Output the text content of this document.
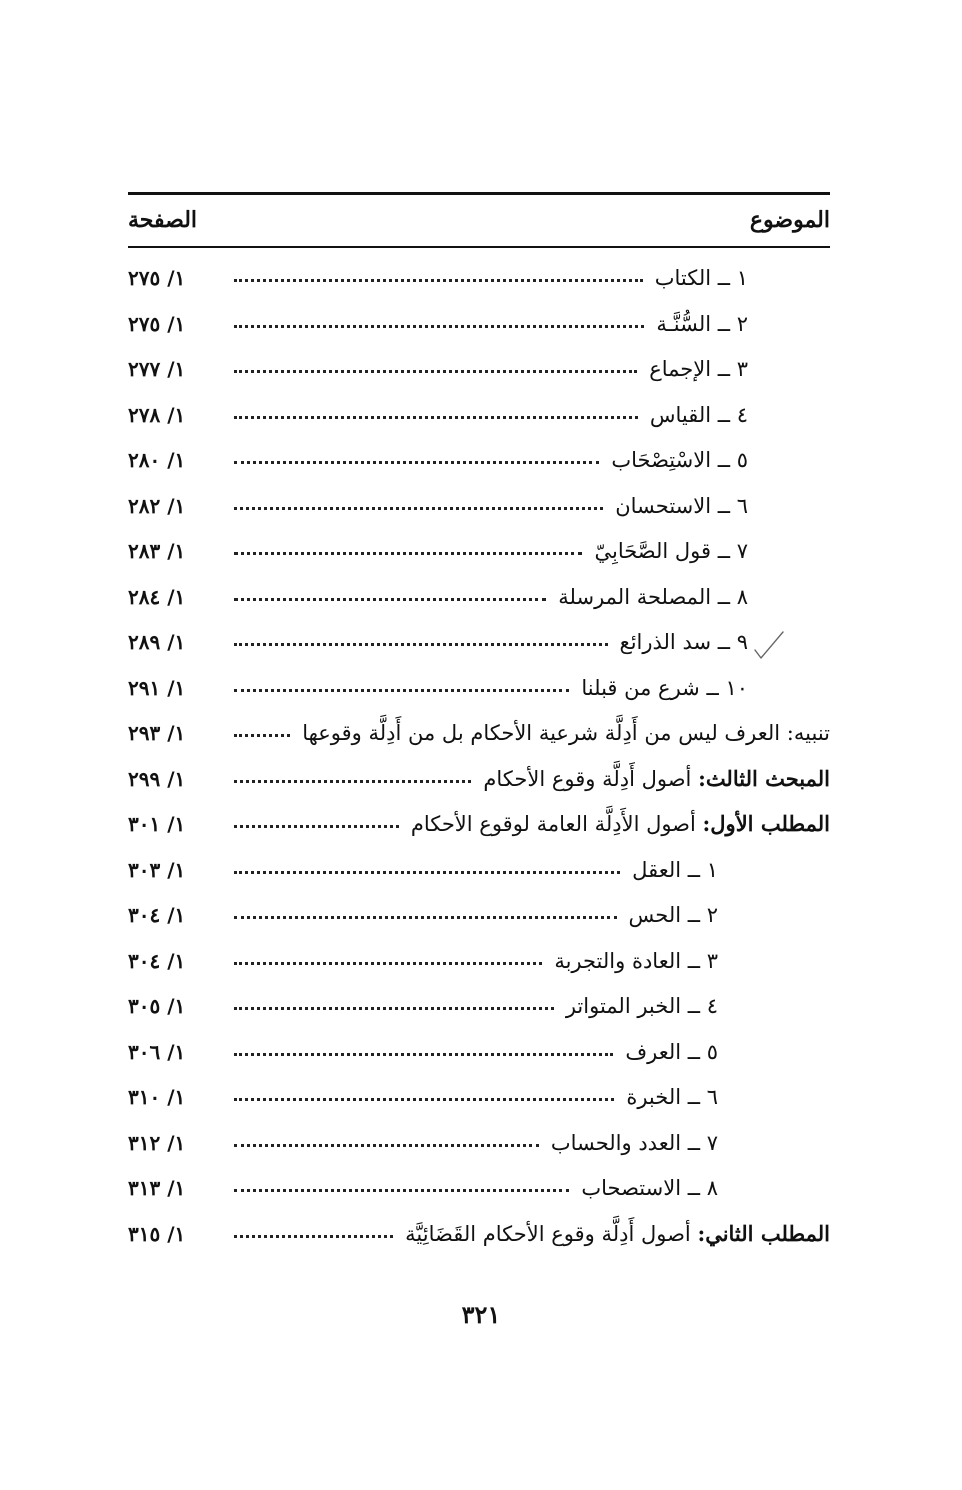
الموضوع
الصفحة
١ ــ الكتاب
١/ ٢٧٥
٢ ــ السُّنَّـة
١/ ٢٧٥
٣ ــ الإجماع
١/ ٢٧٧
٤ ــ القياس
١/ ٢٧٨
٥ ــ الاسْتِصْحَاب
١/ ٢٨٠
٦ ــ الاستحسان
١/ ٢٨٢
٧ ــ قول الصَّحَابِيّ
١/ ٢٨٣
٨ ــ المصلحة المرسلة
١/ ٢٨٤
٩ ــ سد الذرائع
١/ ٢٨٩
١٠ ــ شرع من قبلنا
١/ ٢٩١
تنبيه: العرف ليس من أَدِلَّة شرعية الأحكام بل من أَدِلَّة وقوعها
١/ ٢٩٣
المبحث الثالث: أصول أَدِلَّة وقوع الأحكام
١/ ٢٩٩
المطلب الأول: أصول الأَدِلَّة العامة لوقوع الأحكام
١/ ٣٠١
١ ــ العقل
١/ ٣٠٣
٢ ــ الحس
١/ ٣٠٤
٣ ــ العادة والتجربة
١/ ٣٠٤
٤ ــ الخبر المتواتر
١/ ٣٠٥
٥ ــ العرف
١/ ٣٠٦
٦ ــ الخبرة
١/ ٣١٠
٧ ــ العدد والحساب
١/ ٣١٢
٨ ــ الاستصحاب
١/ ٣١٣
المطلب الثاني: أصول أَدِلَّة وقوع الأحكام القَضَائِيَّة
١/ ٣١٥
٣٢١
